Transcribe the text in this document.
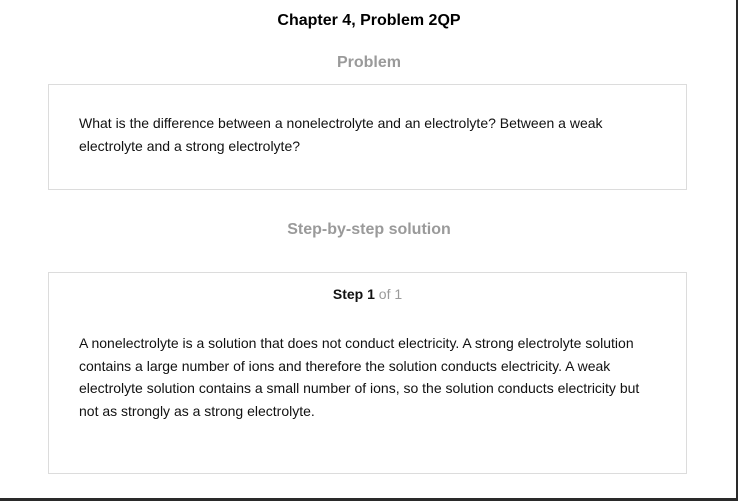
Chapter 4, Problem 2QP
Problem
What is the difference between a nonelectrolyte and an electrolyte? Between a weak electrolyte and a strong electrolyte?
Step-by-step solution
Step 1 of 1
A nonelectrolyte is a solution that does not conduct electricity. A strong electrolyte solution contains a large number of ions and therefore the solution conducts electricity. A weak electrolyte solution contains a small number of ions, so the solution conducts electricity but not as strongly as a strong electrolyte.
